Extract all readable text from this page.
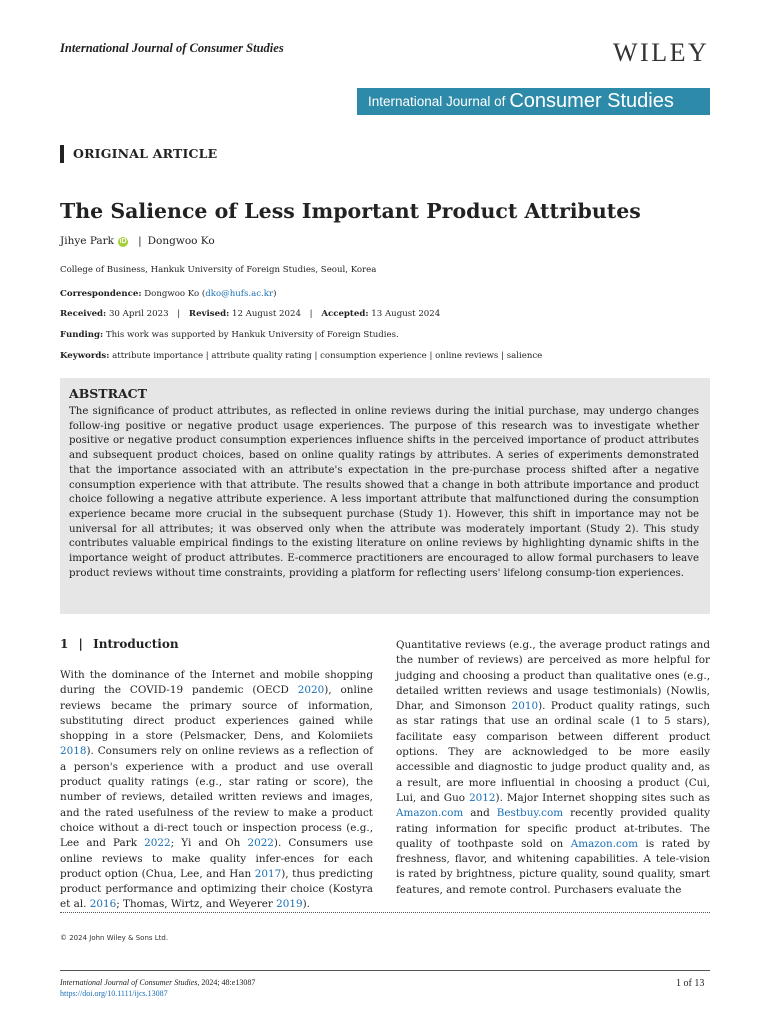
International Journal of Consumer Studies	WILEY
International Journal of Consumer Studies
ORIGINAL ARTICLE
The Salience of Less Important Product Attributes
Jihye Park iD | Dongwoo Ko
College of Business, Hankuk University of Foreign Studies, Seoul, Korea
Correspondence: Dongwoo Ko (dko@hufs.ac.kr)
Received: 30 April 2023 | Revised: 12 August 2024 | Accepted: 13 August 2024
Funding: This work was supported by Hankuk University of Foreign Studies.
Keywords: attribute importance | attribute quality rating | consumption experience | online reviews | salience
ABSTRACT
The significance of product attributes, as reflected in online reviews during the initial purchase, may undergo changes follow-ing positive or negative product usage experiences. The purpose of this research was to investigate whether positive or negative product consumption experiences influence shifts in the perceived importance of product attributes and subsequent product choices, based on online quality ratings by attributes. A series of experiments demonstrated that the importance associated with an attribute's expectation in the pre-purchase process shifted after a negative consumption experience with that attribute. The results showed that a change in both attribute importance and product choice following a negative attribute experience. A less important attribute that malfunctioned during the consumption experience became more crucial in the subsequent purchase (Study 1). However, this shift in importance may not be universal for all attributes; it was observed only when the attribute was moderately important (Study 2). This study contributes valuable empirical findings to the existing literature on online reviews by highlighting dynamic shifts in the importance weight of product attributes. E-commerce practitioners are encouraged to allow formal purchasers to leave product reviews without time constraints, providing a platform for reflecting users' lifelong consump-tion experiences.
1 | Introduction
With the dominance of the Internet and mobile shopping during the COVID-19 pandemic (OECD 2020), online reviews became the primary source of information, substituting direct product experiences gained while shopping in a store (Pelsmacker, Dens, and Kolomiiets 2018). Consumers rely on online reviews as a reflection of a person's experience with a product and use overall product quality ratings (e.g., star rating or score), the number of reviews, detailed written reviews and images, and the rated usefulness of the review to make a product choice without a di-rect touch or inspection process (e.g., Lee and Park 2022; Yi and Oh 2022). Consumers use online reviews to make quality infer-ences for each product option (Chua, Lee, and Han 2017), thus predicting product performance and optimizing their choice (Kostyra et al. 2016; Thomas, Wirtz, and Weyerer 2019).
Quantitative reviews (e.g., the average product ratings and the number of reviews) are perceived as more helpful for judging and choosing a product than qualitative ones (e.g., detailed written reviews and usage testimonials) (Nowlis, Dhar, and Simonson 2010). Product quality ratings, such as star ratings that use an ordinal scale (1 to 5 stars), facilitate easy comparison between different product options. They are acknowledged to be more easily accessible and diagnostic to judge product quality and, as a result, are more influential in choosing a product (Cui, Lui, and Guo 2012). Major Internet shopping sites such as Amazon.com and Bestbuy.com recently provided quality rating information for specific product at-tributes. The quality of toothpaste sold on Amazon.com is rated by freshness, flavor, and whitening capabilities. A tele-vision is rated by brightness, picture quality, sound quality, smart features, and remote control. Purchasers evaluate the
© 2024 John Wiley & Sons Ltd.
International Journal of Consumer Studies, 2024; 48:e13087
https://doi.org/10.1111/ijcs.13087
1 of 13
